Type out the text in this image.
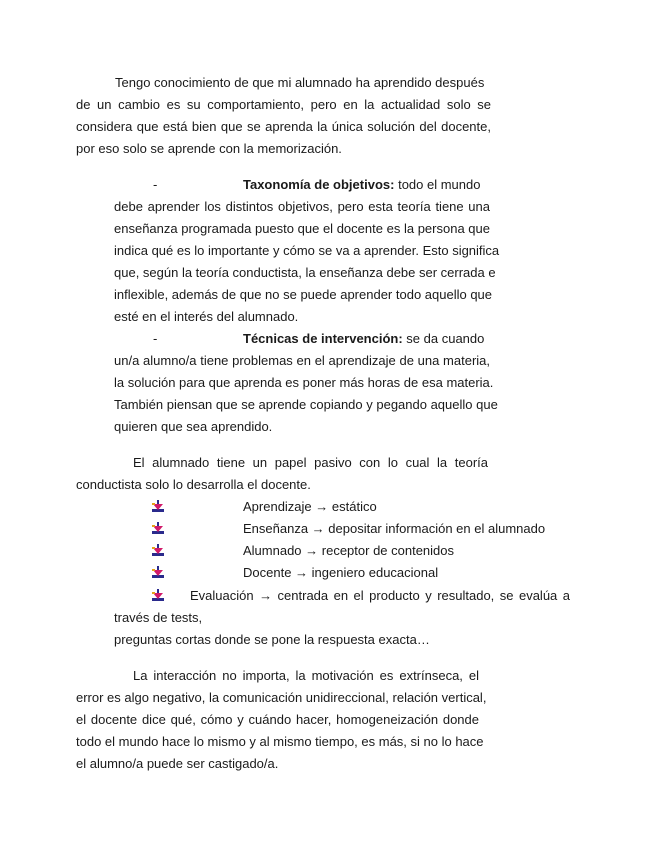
Tengo conocimiento de que mi alumnado ha aprendido después
de un cambio es su comportamiento, pero en la actualidad solo se
considera que está bien que se aprenda la única solución del docente,
por eso solo se aprende con la memorización.
-	Taxonomía de objetivos: todo el mundo
debe aprender los distintos objetivos, pero esta teoría tiene una
enseñanza programada puesto que el docente es la persona que
indica qué es lo importante y cómo se va a aprender. Esto significa
que, según la teoría conductista, la enseñanza debe ser cerrada e
inflexible, además de que no se puede aprender todo aquello que
esté en el interés del alumnado.
-	Técnicas de intervención: se da cuando
un/a alumno/a tiene problemas en el aprendizaje de una materia,
la solución para que aprenda es poner más horas de esa materia.
También piensan que se aprende copiando y pegando aquello que
quieren que sea aprendido.
El alumnado tiene un papel pasivo con lo cual la teoría
conductista solo lo desarrolla el docente.
Aprendizaje → estático
Enseñanza → depositar información en el alumnado
Alumnado → receptor de contenidos
Docente → ingeniero educacional
Evaluación → centrada en el producto y resultado, se evalúa a
través de tests,
preguntas cortas donde se pone la respuesta exacta…
La interacción no importa, la motivación es extrínseca, el
error es algo negativo, la comunicación unidireccional, relación vertical,
el docente dice qué, cómo y cuándo hacer, homogeneización donde
todo el mundo hace lo mismo y al mismo tiempo, es más, si no lo hace
el alumno/a puede ser castigado/a.
